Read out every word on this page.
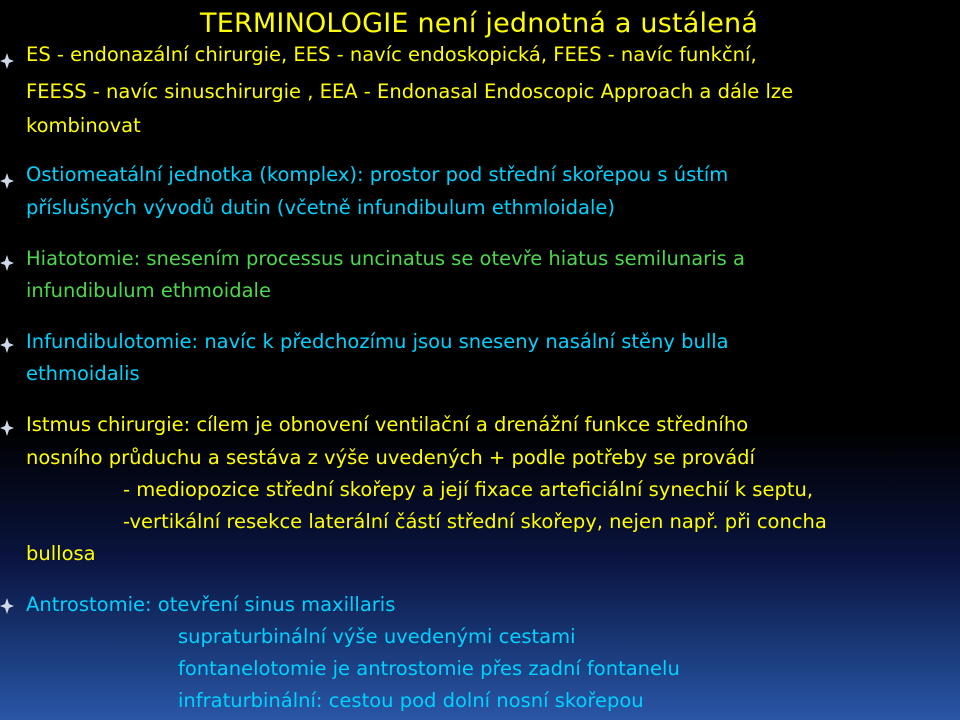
TERMINOLOGIE není jednotná a ustálená
ES - endonazální chirurgie, EES - navíc endoskopická, FEES - navíc funkční,
FEESS - navíc sinuschirurgie , EEA - Endonasal Endoscopic Approach a dále lze
kombinovat
Ostiomeatální jednotka (komplex): prostor pod střední skořepou s ústím
příslušných vývodů dutin (včetně infundibulum ethmloidale)
Hiatotomie: snesením processus uncinatus se otevře hiatus semilunaris a
infundibulum ethmoidale
Infundibulotomie: navíc k předchozímu jsou sneseny nasální stěny bulla
ethmoidalis
Istmus chirurgie: cílem je obnovení ventilační a drenážní funkce středního
nosního průduchu a sestáva z výše uvedených + podle potřeby se provádí
- mediopozice střední skořepy a její fixace arteficiální synechií k septu,
-vertikální resekce laterální částí střední skořepy, nejen např. při concha
bullosa
Antrostomie: otevření sinus maxillaris
supraturbinální výše uvedenými cestami
fontanelotomie je antrostomie přes zadní fontanelu
infraturbinální: cestou pod dolní nosní skořepou
